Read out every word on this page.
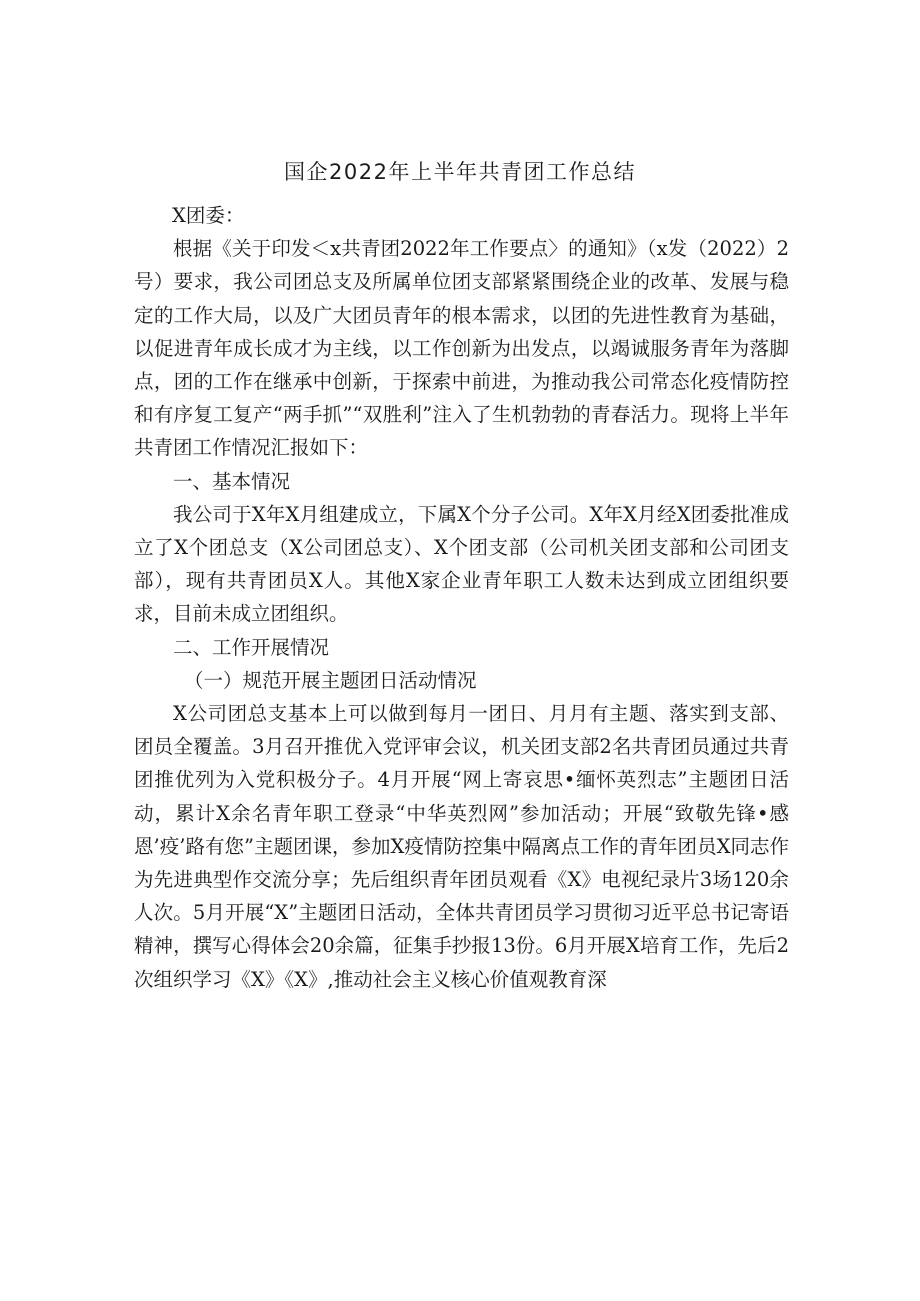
国企2022年上半年共青团工作总结

X团委：

根据《关于印发＜x共青团2022年工作要点〉的通知》（x发（2022）2号）要求，我公司团总支及所属单位团支部紧紧围绕企业的改革、发展与稳定的工作大局，以及广大团员青年的根本需求，以团的先进性教育为基础，以促进青年成长成才为主线，以工作创新为出发点，以竭诚服务青年为落脚点，团的工作在继承中创新，于探索中前进，为推动我公司常态化疫情防控和有序复工复产“两手抓”“双胜利”注入了生机勃勃的青春活力。现将上半年共青团工作情况汇报如下：

一、基本情况

我公司于X年X月组建成立，下属X个分子公司。X年X月经X团委批准成立了X个团总支（X公司团总支）、X个团支部（公司机关团支部和公司团支部），现有共青团员X人。其他X家企业青年职工人数未达到成立团组织要求，目前未成立团组织。

二、工作开展情况

（一）规范开展主题团日活动情况

X公司团总支基本上可以做到每月一团日、月月有主题、落实到支部、团员全覆盖。3月召开推优入党评审会议，机关团支部2名共青团员通过共青团推优列为入党积极分子。4月开展“网上寄哀思•缅怀英烈志”主题团日活动，累计X余名青年职工登录“中华英烈网”参加活动；开展“致敬先锋•感恩’疫’路有您”主题团课，参加X疫情防控集中隔离点工作的青年团员X同志作为先进典型作交流分享；先后组织青年团员观看《X》电视纪录片3场120余人次。5月开展“X”主题团日活动，全体共青团员学习贯彻习近平总书记寄语精神，撰写心得体会20余篇，征集手抄报13份。6月开展X培育工作，先后2次组织学习《X》《X》,推动社会主义核心价值观教育深
